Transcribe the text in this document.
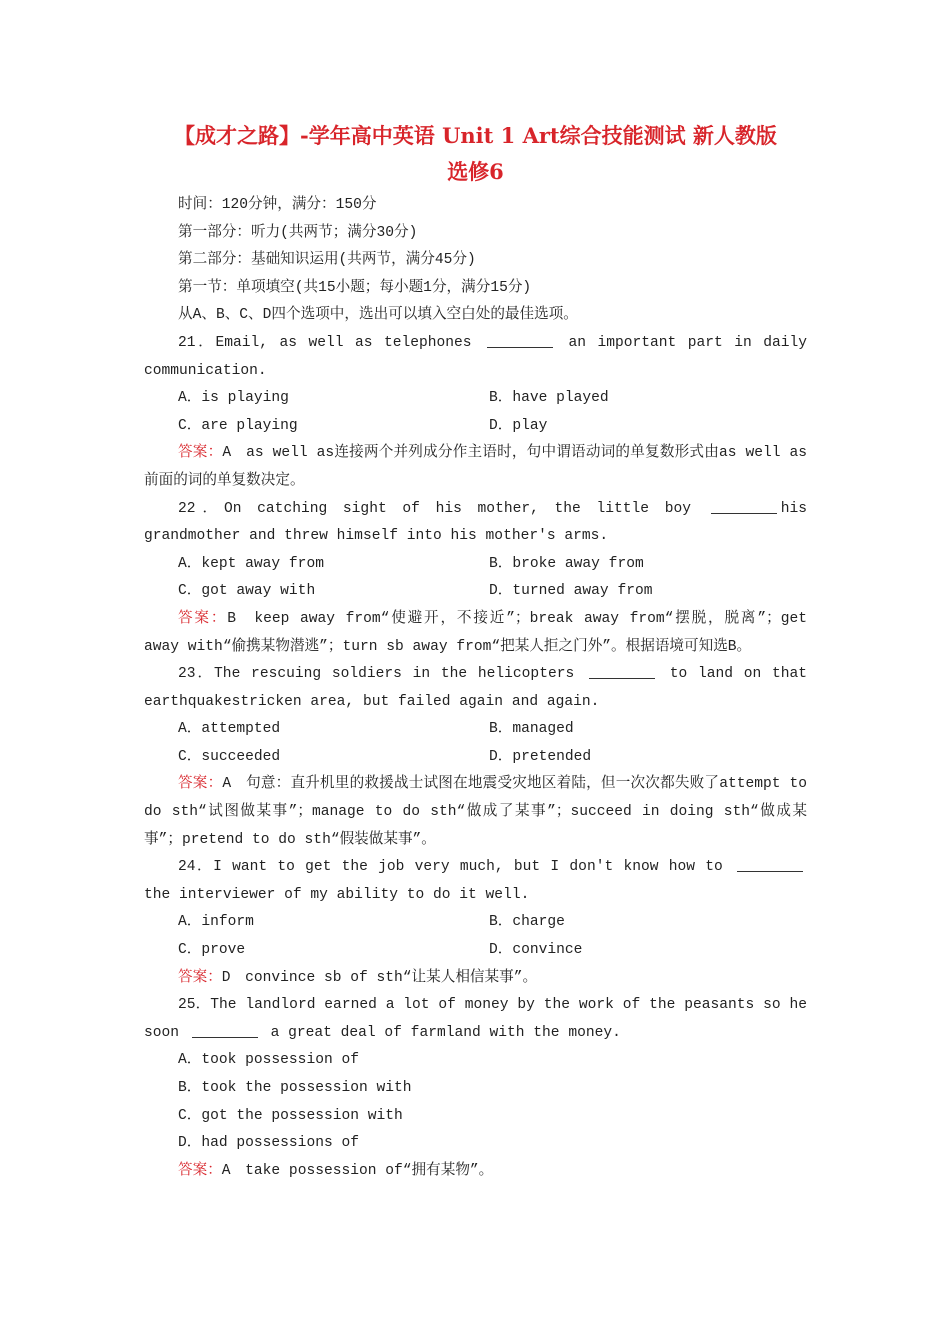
【成才之路】-学年高中英语 Unit 1 Art综合技能测试 新人教版
选修6

时间：120分钟，满分：150分

第一部分：听力(共两节；满分30分)

第二部分：基础知识运用(共两节，满分45分)

第一节：单项填空(共15小题；每小题1分，满分15分)

从A、B、C、D四个选项中，选出可以填入空白处的最佳选项。

21．Email, as well as telephones	an important part in daily communication.

A．is playing	B．have played
C．are playing	D．play

答案：A　as well as连接两个并列成分作主语时，句中谓语动词的单复数形式由as well as前面的词的单复数决定。

22．On catching sight of his mother, the little boy	his grandmother and threw himself into his mother's arms.

A．kept away from	B．broke away from
C．got away with	D．turned away from

答案：B　keep away from“使避开，不接近”；break away from“摆脱，脱离”；get away with“偷携某物潜逃”；turn sb away from“把某人拒之门外”。根据语境可知选B。

23．The rescuing soldiers in the helicopters	to land on that earthquakestricken area, but failed again and again.

A．attempted	B．managed
C．succeeded	D．pretended

答案：A　句意：直升机里的救援战士试图在地震受灾地区着陆，但一次次都失败了attempt to do sth“试图做某事”；manage to do sth“做成了某事”；succeed in doing sth“做成某事”；pretend to do sth“假装做某事”。

24．I want to get the job very much, but I don't know how to  the interviewer of my ability to do it well.

A．inform	B．charge
C．prove	D．convince

答案：D　convince sb of sth“让某人相信某事”。

25．The landlord earned a lot of money by the work of the peasants so he soon	a great deal of farmland with the money.

A．took possession of

B．took the possession with

C．got the possession with

D．had possessions of

答案：A　take possession of“拥有某物”。
